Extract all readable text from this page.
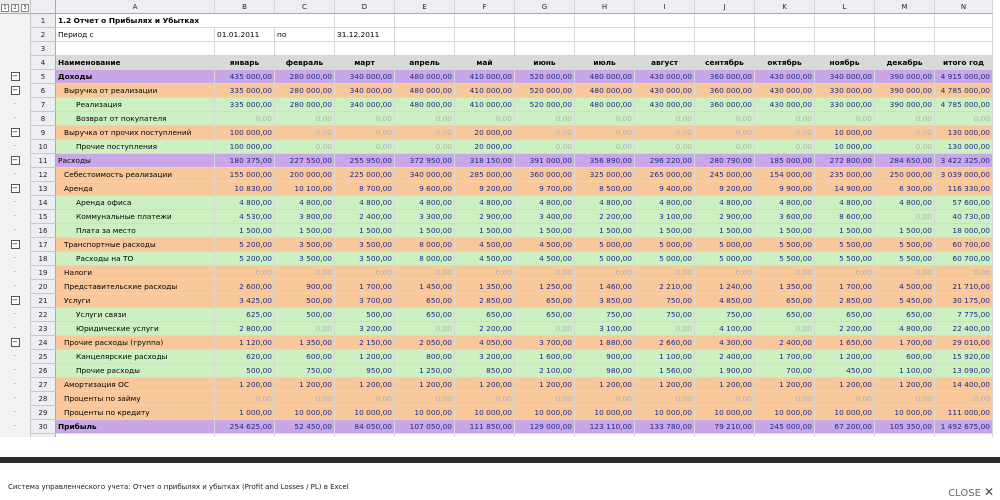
1 2 3		A	B	C	D	E	F	G	H	I	J	K	L	M	N
	1	1.2 Отчет о Прибылях и Убытках													
	2	Период с	01.01.2011	по	31.12.2011										
	3														
	4	Наименование	январь	февраль	март	апрель	май	июнь	июль	август	сентябрь	октябрь	ноябрь	декабрь	итого год
−	5	Доходы	435 000,00	280 000,00	340 000,00	480 000,00	410 000,00	520 000,00	480 000,00	430 000,00	360 000,00	430 000,00	340 000,00	390 000,00	4 915 000,00
−	6	Выручка от реализации	335 000,00	280 000,00	340 000,00	480 000,00	410 000,00	520 000,00	480 000,00	430 000,00	360 000,00	430 000,00	330 000,00	390 000,00	4 785 000,00
·	7	Реализация	335 000,00	280 000,00	340 000,00	480 000,00	410 000,00	520 000,00	480 000,00	430 000,00	360 000,00	430 000,00	330 000,00	390 000,00	4 785 000,00
·	8	Возврат от покупателя	0,00	0,00	0,00	0,00	0,00	0,00	0,00	0,00	0,00	0,00	0,00	0,00	0,00
−	9	Выручка от прочих поступлений	100 000,00	0,00	0,00	0,00	20 000,00	0,00	0,00	0,00	0,00	0,00	10 000,00	0,00	130 000,00
·	10	Прочие поступления	100 000,00	0,00	0,00	0,00	20 000,00	0,00	0,00	0,00	0,00	0,00	10 000,00	0,00	130 000,00
−	11	Расходы	180 375,00	227 550,00	255 950,00	372 950,00	318 150,00	391 000,00	356 890,00	296 220,00	280 790,00	185 000,00	272 800,00	284 650,00	3 422 325,00
·	12	Себестоимость реализации	155 000,00	200 000,00	225 000,00	340 000,00	285 000,00	360 000,00	325 000,00	265 000,00	245 000,00	154 000,00	235 000,00	250 000,00	3 039 000,00
−	13	Аренда	10 830,00	10 100,00	8 700,00	9 600,00	9 200,00	9 700,00	8 500,00	9 400,00	9 200,00	9 900,00	14 900,00	6 300,00	116 330,00
·	14	Аренда офиса	4 800,00	4 800,00	4 800,00	4 800,00	4 800,00	4 800,00	4 800,00	4 800,00	4 800,00	4 800,00	4 800,00	4 800,00	57 600,00
·	15	Коммунальные платежи	4 530,00	3 800,00	2 400,00	3 300,00	2 900,00	3 400,00	2 200,00	3 100,00	2 900,00	3 600,00	8 600,00	0,00	40 730,00
·	16	Плата за место	1 500,00	1 500,00	1 500,00	1 500,00	1 500,00	1 500,00	1 500,00	1 500,00	1 500,00	1 500,00	1 500,00	1 500,00	18 000,00
−	17	Транспортные расходы	5 200,00	3 500,00	3 500,00	8 000,00	4 500,00	4 500,00	5 000,00	5 000,00	5 000,00	5 500,00	5 500,00	5 500,00	60 700,00
·	18	Расходы на ТО	5 200,00	3 500,00	3 500,00	8 000,00	4 500,00	4 500,00	5 000,00	5 000,00	5 000,00	5 500,00	5 500,00	5 500,00	60 700,00
·	19	Налоги	0,00	0,00	0,00	0,00	0,00	0,00	0,00	0,00	0,00	0,00	0,00	0,00	0,00
·	20	Представительские расходы	2 600,00	900,00	1 700,00	1 450,00	1 350,00	1 250,00	1 460,00	2 210,00	1 240,00	1 350,00	1 700,00	4 500,00	21 710,00
−	21	Услуги	3 425,00	500,00	3 700,00	650,00	2 850,00	650,00	3 850,00	750,00	4 850,00	650,00	2 850,00	5 450,00	30 175,00
·	22	Услуги связи	625,00	500,00	500,00	650,00	650,00	650,00	750,00	750,00	750,00	650,00	650,00	650,00	7 775,00
·	23	Юридические услуги	2 800,00	0,00	3 200,00	0,00	2 200,00	0,00	3 100,00	0,00	4 100,00	0,00	2 200,00	4 800,00	22 400,00
−	24	Прочие расходы (группа)	1 120,00	1 350,00	2 150,00	2 050,00	4 050,00	3 700,00	1 880,00	2 660,00	4 300,00	2 400,00	1 650,00	1 700,00	29 010,00
·	25	Канцелярские расходы	620,00	600,00	1 200,00	800,00	3 200,00	1 600,00	900,00	1 100,00	2 400,00	1 700,00	1 200,00	600,00	15 920,00
·	26	Прочие расходы	500,00	750,00	950,00	1 250,00	850,00	2 100,00	980,00	1 560,00	1 900,00	700,00	450,00	1 100,00	13 090,00
·	27	Амортизация ОС	1 200,00	1 200,00	1 200,00	1 200,00	1 200,00	1 200,00	1 200,00	1 200,00	1 200,00	1 200,00	1 200,00	1 200,00	14 400,00
·	28	Проценты по займу	0,00	0,00	0,00	0,00	0,00	0,00	0,00	0,00	0,00	0,00	0,00	0,00	0,00
·	29	Проценты по кредиту	1 000,00	10 000,00	10 000,00	10 000,00	10 000,00	10 000,00	10 000,00	10 000,00	10 000,00	10 000,00	10 000,00	10 000,00	111 000,00
·	30	Прибыль	254 625,00	52 450,00	84 050,00	107 050,00	111 850,00	129 000,00	123 110,00	133 780,00	79 210,00	245 000,00	67 200,00	105 350,00	1 492 675,00

Система управленческого учета: Отчет о прибылях и убытках (Profit and Losses / PL) в Excel
CLOSE ✕
